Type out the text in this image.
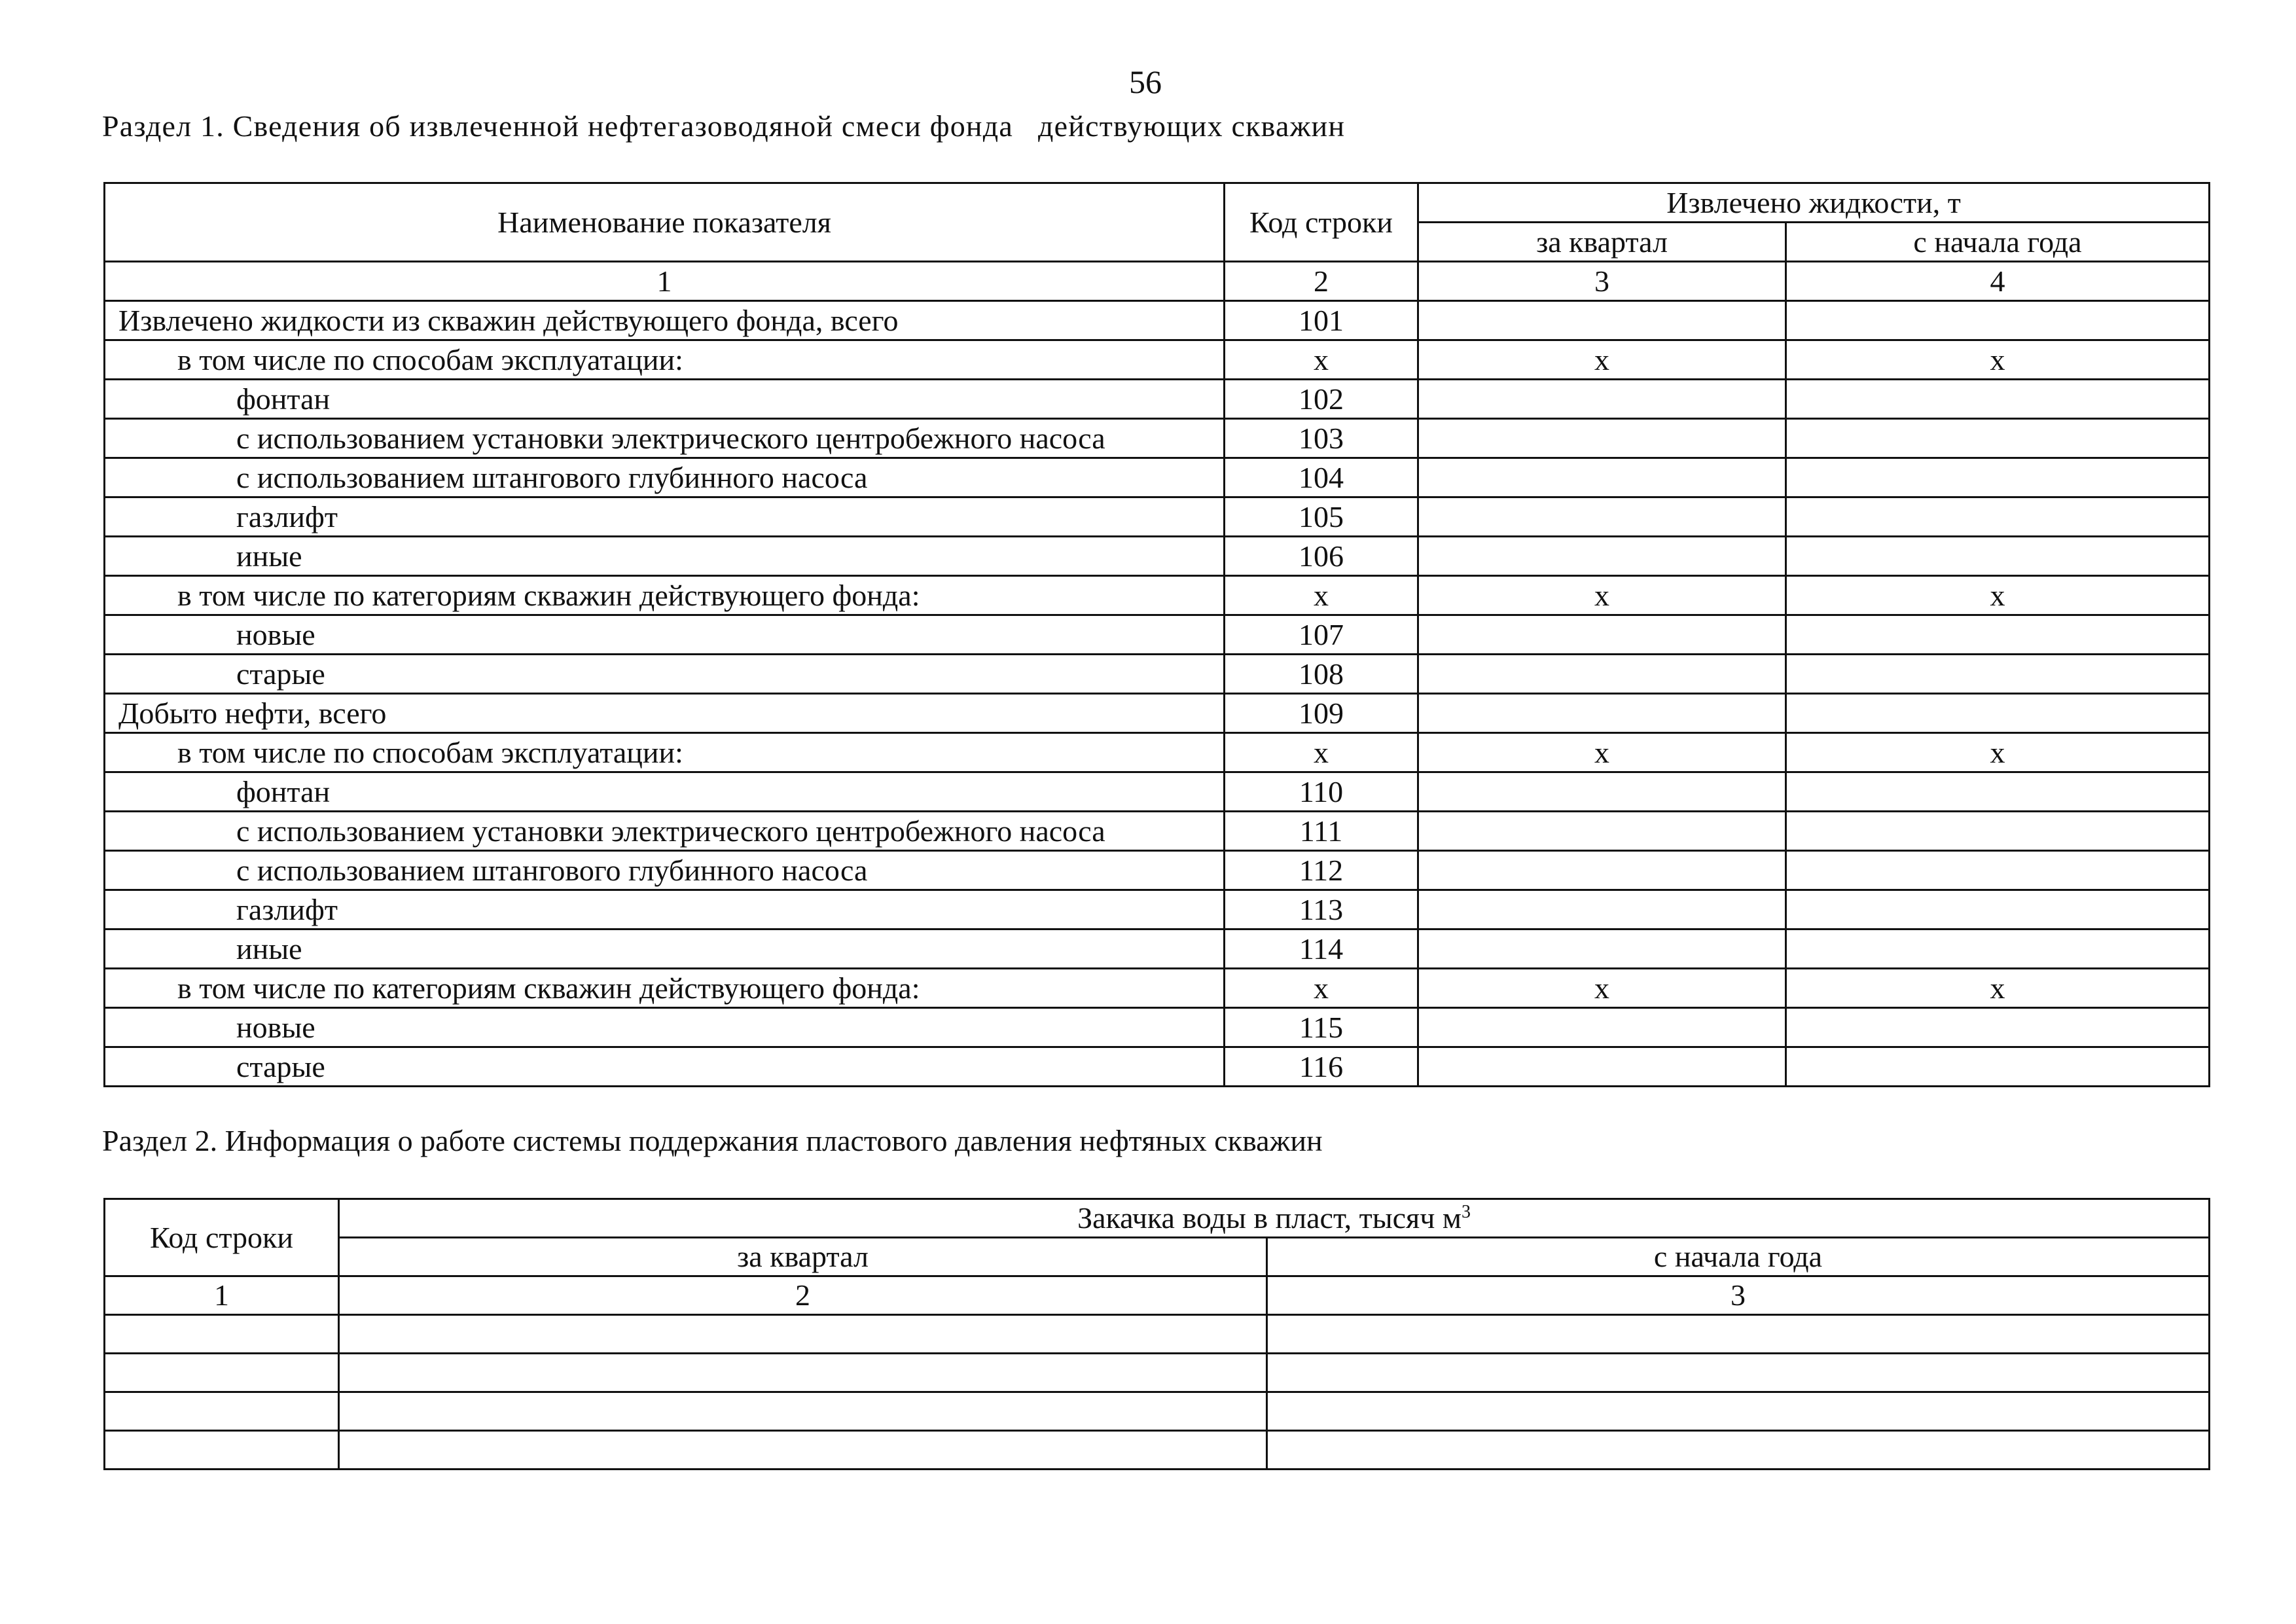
56
Раздел 1. Сведения об извлеченной нефтегазоводяной смеси фонда   действующих скважин
Наименование показателя	Код строки	Извлечено жидкости, т	
		за квартал	с начала года
1	2	3	4
Извлечено жидкости из скважин действующего фонда, всего	101		
в том числе по способам эксплуатации:	x	x	x
фонтан	102		
с использованием установки электрического центробежного насоса	103		
с использованием штангового глубинного насоса	104		
газлифт	105		
иные	106		
в том числе по категориям скважин действующего фонда:	x	x	x
новые	107		
старые	108		
Добыто нефти, всего	109		
в том числе по способам эксплуатации:	x	x	x
фонтан	110		
с использованием установки электрического центробежного насоса	111		
с использованием штангового глубинного насоса	112		
газлифт	113		
иные	114		
в том числе по категориям скважин действующего фонда:	x	x	x
новые	115		
старые	116		
Раздел 2. Информация о работе системы поддержания пластового давления нефтяных скважин
Код строки	Закачка воды в пласт, тысяч $м^3$
	за квартал	с начала года
1	2	3
